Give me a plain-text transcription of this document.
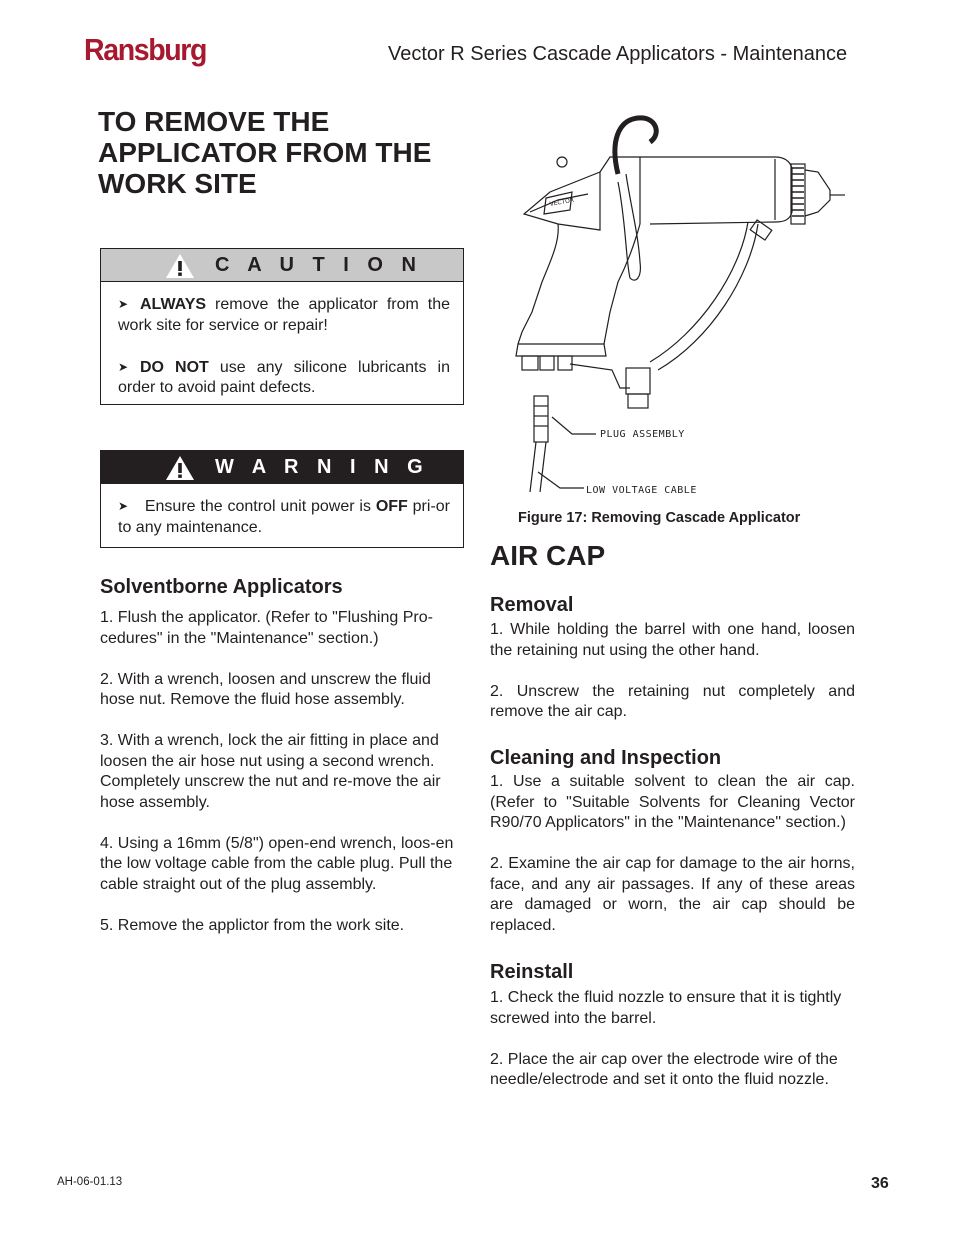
Ransburg	Vector R Series Cascade Applicators - Maintenance
TO REMOVE THE APPLICATOR FROM THE WORK SITE
C A U T I O N

➤ ALWAYS remove the applicator from the work site for service or repair!

➤ DO NOT use any silicone lubricants in order to avoid paint defects.

W A R N I N G

➤ Ensure the control unit power is OFF pri-or to any maintenance.

Solventborne Applicators

1. Flush the applicator. (Refer to "Flushing Pro-cedures" in the "Maintenance" section.)

2. With a wrench, loosen and unscrew the fluid hose nut. Remove the fluid hose assembly.

3. With a wrench, lock the air fitting in place and loosen the air hose nut using a second wrench. Completely unscrew the nut and re-move the air hose assembly.

4. Using a 16mm (5/8") open-end wrench, loos-en the low voltage cable from the cable plug. Pull the cable straight out of the plug assembly.

5. Remove the applictor from the work site.

VECTOR
PLUG ASSEMBLY
LOW VOLTAGE CABLE
Figure 17: Removing Cascade Applicator
AIR CAP
Removal

1. While holding the barrel with one hand, loosen the retaining nut using the other hand.

2. Unscrew the retaining nut completely and remove the air cap.

Cleaning and Inspection

1. Use a suitable solvent to clean the air cap. (Refer to "Suitable Solvents for Cleaning Vector R90/70 Applicators" in the "Maintenance" section.)

2. Examine the air cap for damage to the air horns, face, and any air passages. If any of these areas are damaged or worn, the air cap should be replaced.

Reinstall

1. Check the fluid nozzle to ensure that it is tightly screwed into the barrel.

2. Place the air cap over the electrode wire of the needle/electrode and set it onto the fluid nozzle.

AH-06-01.13	36
